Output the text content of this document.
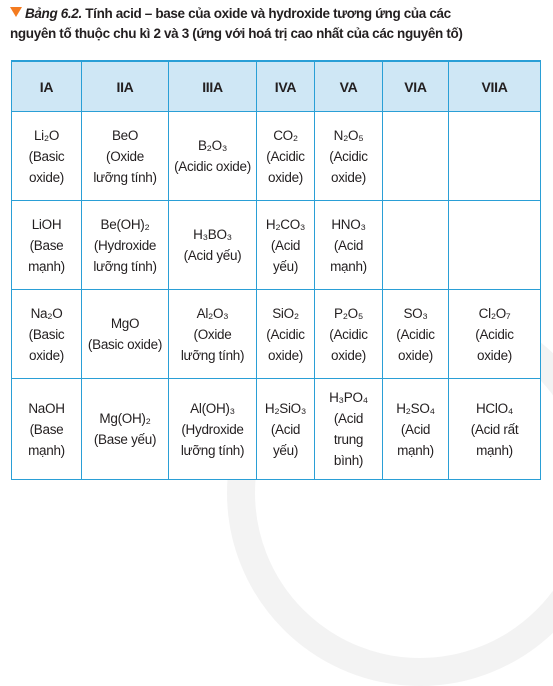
Bảng 6.2. Tính acid – base của oxide và hydroxide tương ứng của các
nguyên tố thuộc chu kì 2 và 3 (ứng với hoá trị cao nhất của các nguyên tố)
IA	IIA	IIIA	IVA	VA	VIA	VIIA

Li₂O
(Basic
oxide)	BeO
(Oxide
lưỡng tính)	B₂O₃
(Acidic oxide)	CO₂
(Acidic
oxide)	N₂O₅
(Acidic
oxide)		

LiOH
(Base
mạnh)	Be(OH)₂
(Hydroxide
lưỡng tính)	H₃BO₃
(Acid yếu)	H₂CO₃
(Acid
yếu)	HNO₃
(Acid
mạnh)		

Na₂O
(Basic
oxide)	MgO
(Basic oxide)	Al₂O₃
(Oxide
lưỡng tính)	SiO₂
(Acidic
oxide)	P₂O₅
(Acidic
oxide)	SO₃
(Acidic
oxide)	Cl₂O₇
(Acidic
oxide)

NaOH
(Base
mạnh)	Mg(OH)₂
(Base yếu)	Al(OH)₃
(Hydroxide
lưỡng tính)	H₂SiO₃
(Acid
yếu)	H₃PO₄
(Acid
trung
bình)	H₂SO₄
(Acid
mạnh)	HClO₄
(Acid rất
mạnh)
